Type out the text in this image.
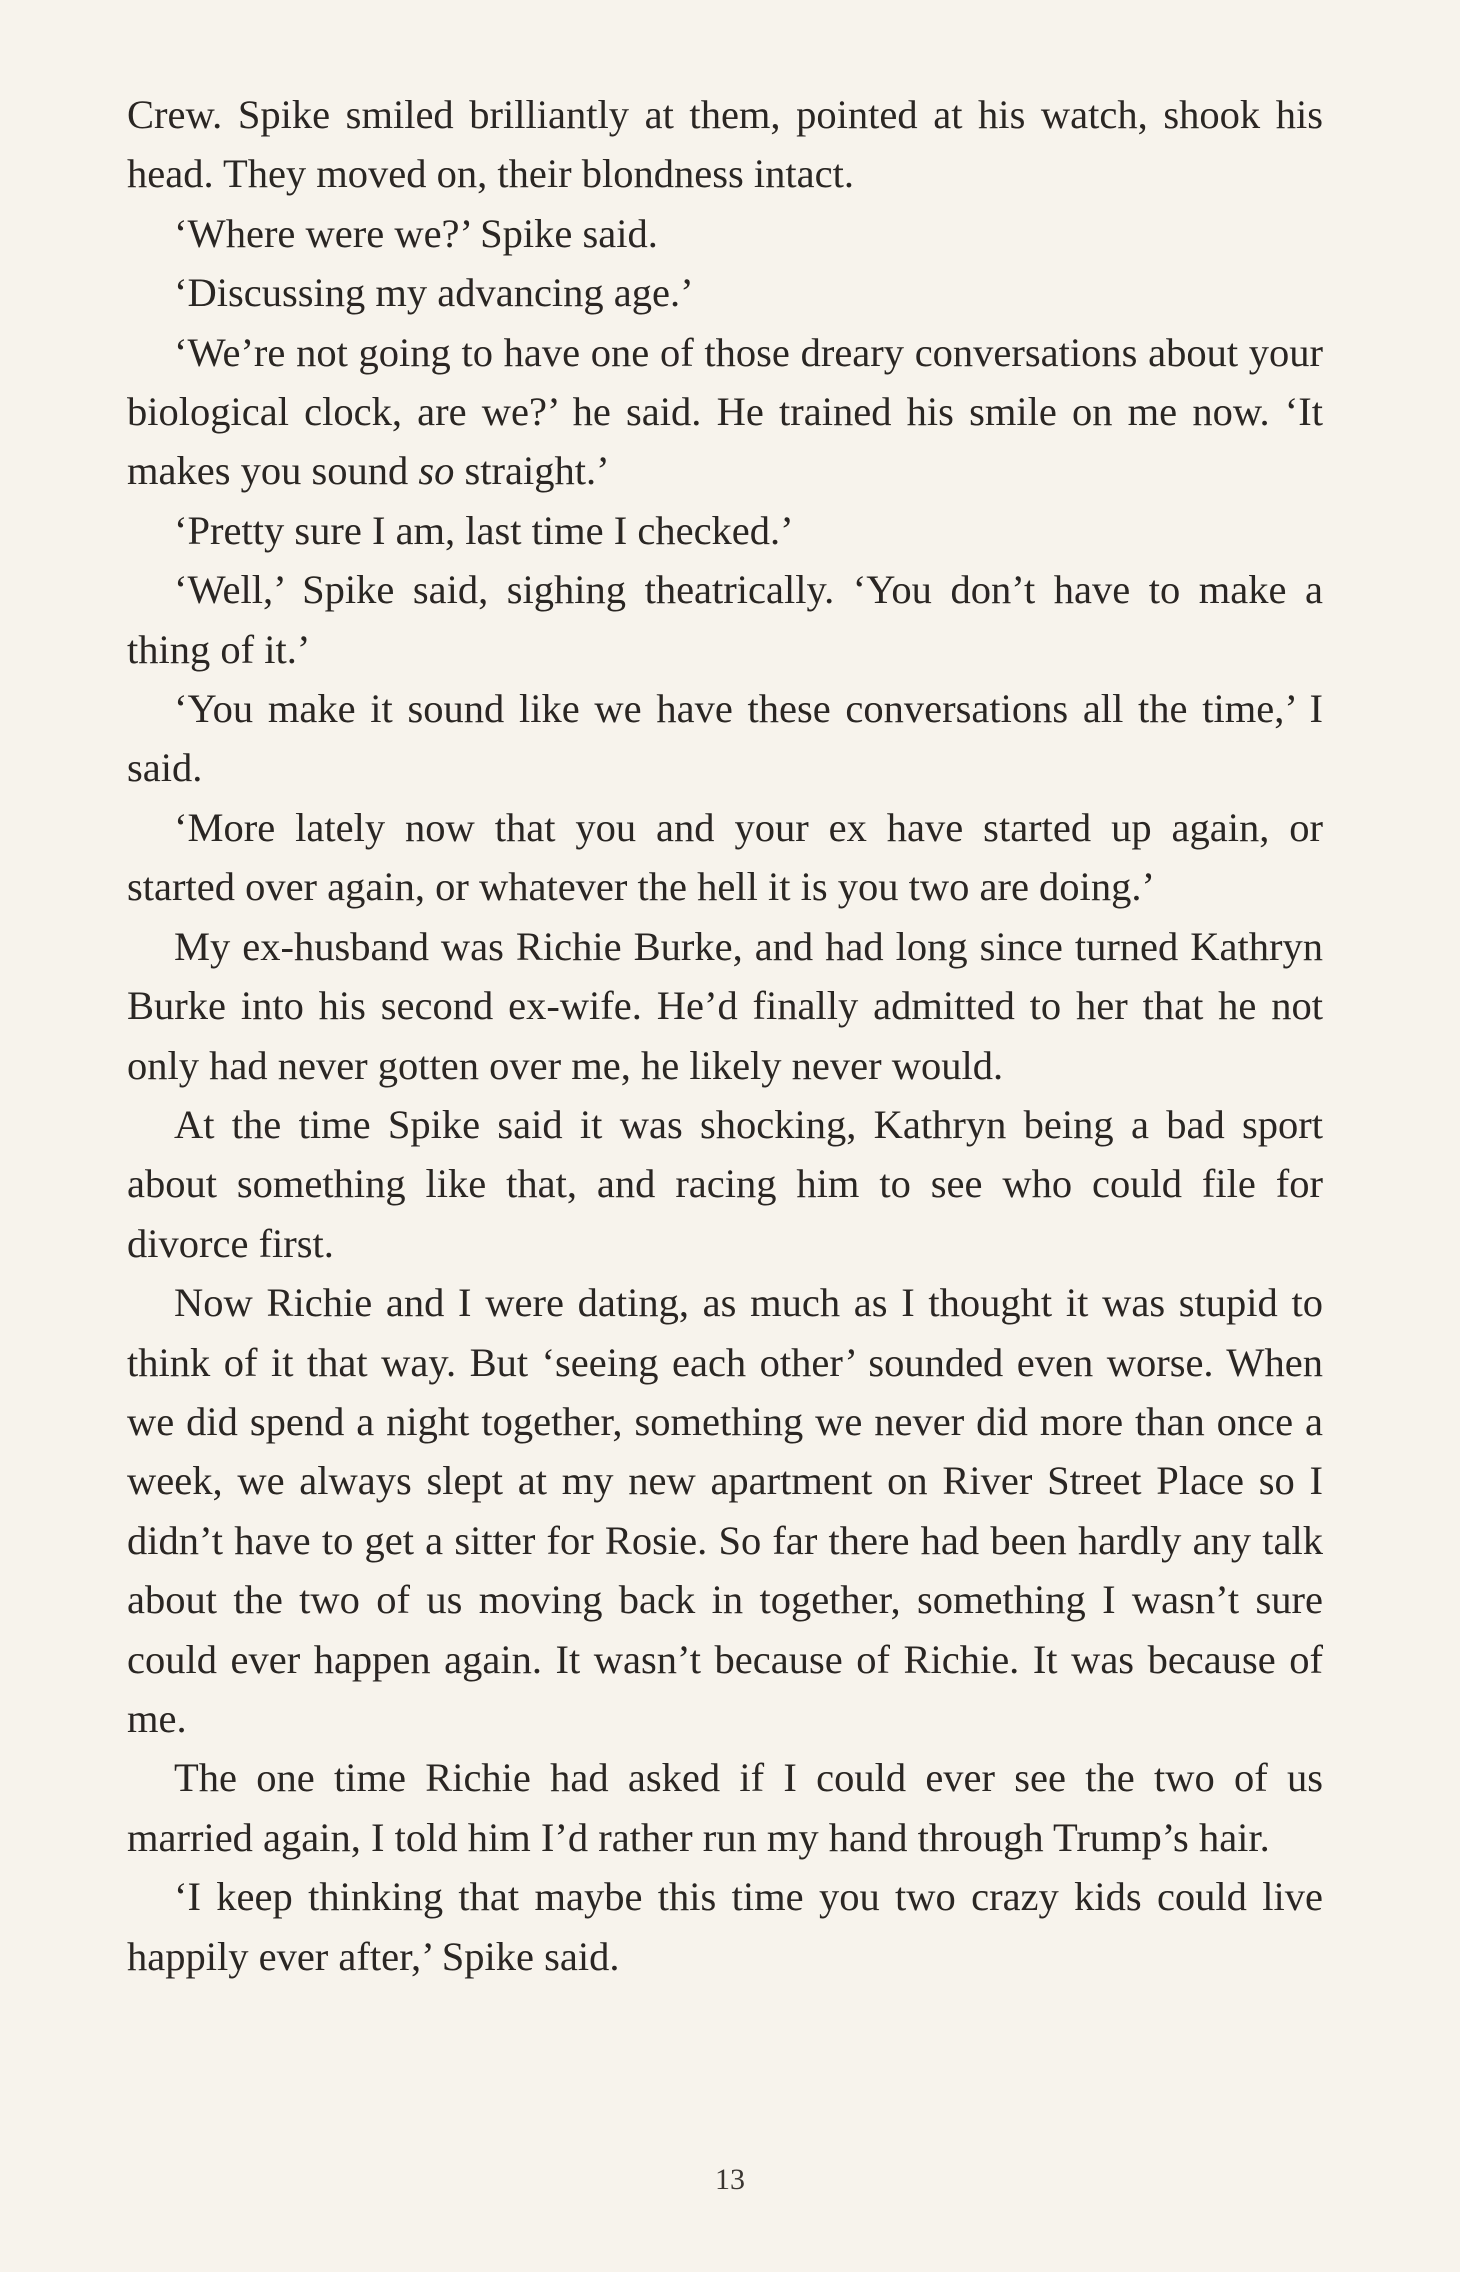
Crew. Spike smiled brilliantly at them, pointed at his watch, shook his head. They moved on, their blondness intact.

‘Where were we?’ Spike said.

‘Discussing my advancing age.’

‘We’re not going to have one of those dreary conversations about your biological clock, are we?’ he said. He trained his smile on me now. ‘It makes you sound so straight.’

‘Pretty sure I am, last time I checked.’

‘Well,’ Spike said, sighing theatrically. ‘You don’t have to make a thing of it.’

‘You make it sound like we have these conversations all the time,’ I said.

‘More lately now that you and your ex have started up again, or started over again, or whatever the hell it is you two are doing.’

My ex-husband was Richie Burke, and had long since turned Kathryn Burke into his second ex-wife. He’d finally admitted to her that he not only had never gotten over me, he likely never would.

At the time Spike said it was shocking, Kathryn being a bad sport about something like that, and racing him to see who could file for divorce first.

Now Richie and I were dating, as much as I thought it was stupid to think of it that way. But ‘seeing each other’ sounded even worse. When we did spend a night together, something we never did more than once a week, we always slept at my new apartment on River Street Place so I didn’t have to get a sitter for Rosie. So far there had been hardly any talk about the two of us moving back in together, something I wasn’t sure could ever happen again. It wasn’t because of Richie. It was because of me.

The one time Richie had asked if I could ever see the two of us married again, I told him I’d rather run my hand through Trump’s hair.

‘I keep thinking that maybe this time you two crazy kids could live happily ever after,’ Spike said.

13
